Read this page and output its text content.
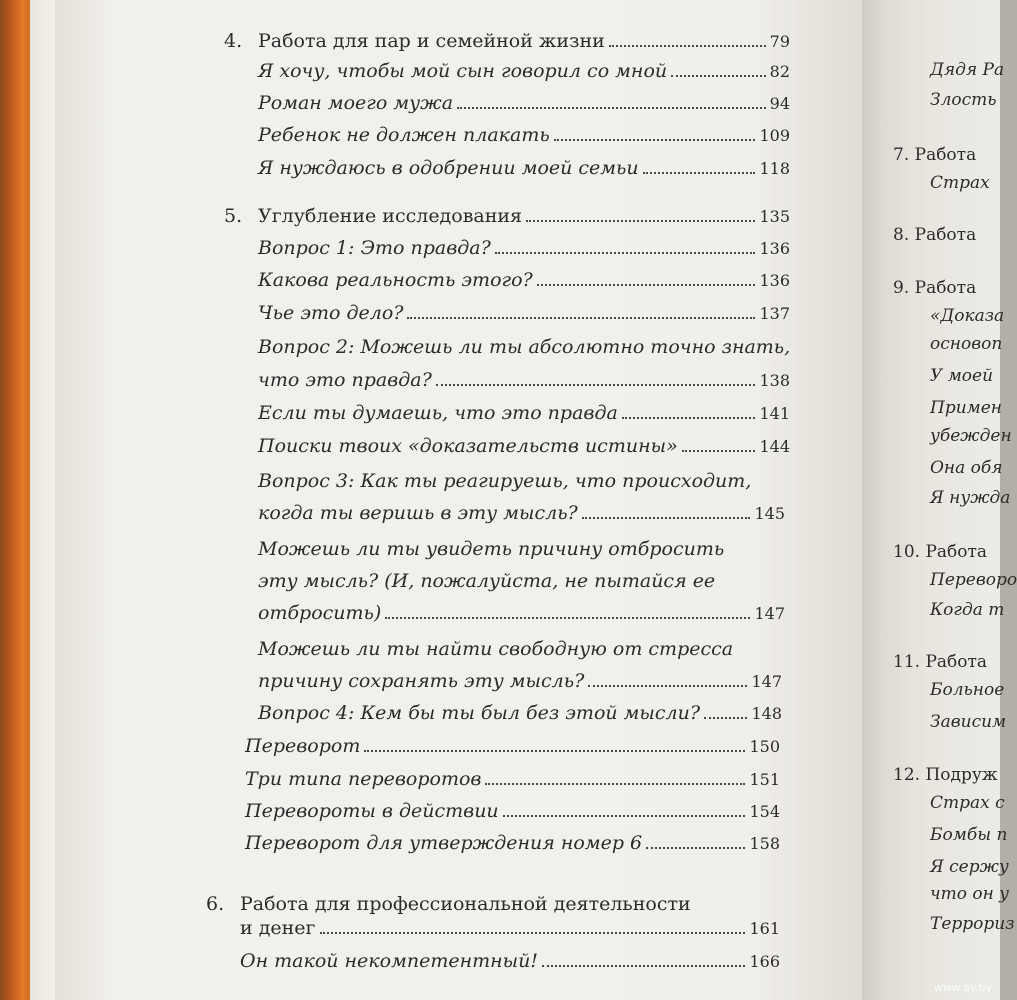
4. Работа для пар и семейной жизни	79
Я хочу, чтобы мой сын говорил со мной	82
Роман моего мужа	94
Ребенок не должен плакать	109
Я нуждаюсь в одобрении моей семьи	118
5. Углубление исследования	135
Вопрос 1: Это правда?	136
Какова реальность этого?	136
Чье это дело?	137
Вопрос 2: Можешь ли ты абсолютно точно знать,
что это правда?	138
Если ты думаешь, что это правда	141
Поиски твоих «доказательств истины»	144
Вопрос 3: Как ты реагируешь, что происходит,
когда ты веришь в эту мысль?	145
Можешь ли ты увидеть причину отбросить
эту мысль? (И, пожалуйста, не пытайся ее
отбросить)	147
Можешь ли ты найти свободную от стресса
причину сохранять эту мысль?	147
Вопрос 4: Кем бы ты был без этой мысли?	148
Переворот	150
Три типа переворотов	151
Перевороты в действии	154
Переворот для утверждения номер 6	158
6. Работа для профессиональной деятельности
и денег	161
Он такой некомпетентный!	166
Дядя Ра
Злость
7. Работа
Страх
8. Работа
9. Работа
«Доказа
основоп
У моей
Примен
убежден
Она обя
Я нужда
10. Работа
Переворо
Когда т
11. Работа
Больное
Зависим
12. Подруж
Страх с
Бомбы п
Я сержу
что он у
Террориз
www.ay.by
